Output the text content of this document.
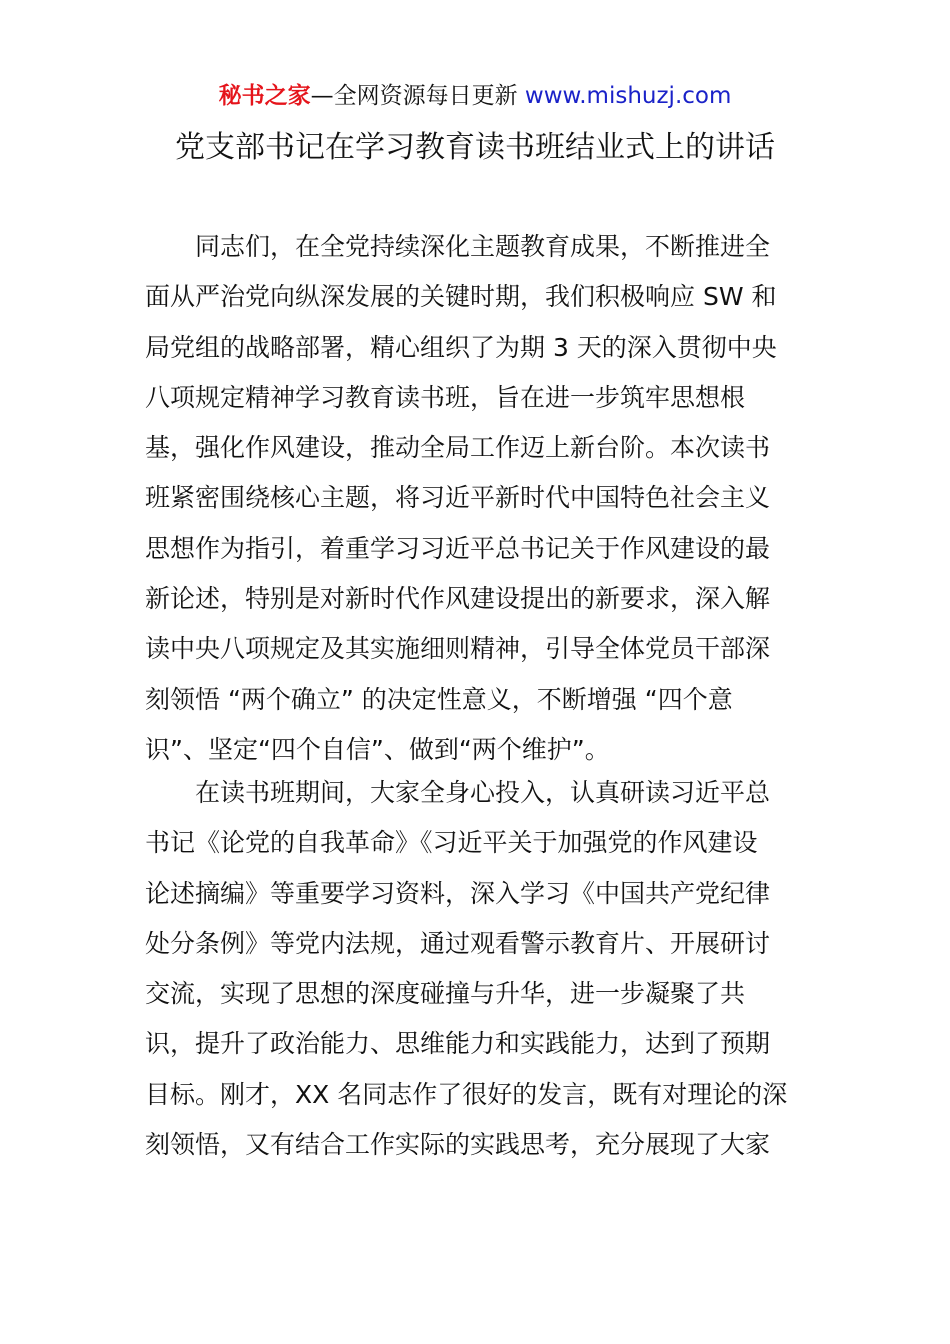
秘书之家—全网资源每日更新 www.mishuzj.com
党支部书记在学习教育读书班结业式上的讲话
同志们，在全党持续深化主题教育成果，不断推进全
面从严治党向纵深发展的关键时期，我们积极响应 SW 和
局党组的战略部署，精心组织了为期 3 天的深入贯彻中央
八项规定精神学习教育读书班，旨在进一步筑牢思想根
基，强化作风建设，推动全局工作迈上新台阶。本次读书
班紧密围绕核心主题，将习近平新时代中国特色社会主义
思想作为指引，着重学习习近平总书记关于作风建设的最
新论述，特别是对新时代作风建设提出的新要求，深入解
读中央八项规定及其实施细则精神，引导全体党员干部深
刻领悟 “两个确立” 的决定性意义，不断增强 “四个意
识”、坚定“四个自信”、做到“两个维护”。
在读书班期间，大家全身心投入，认真研读习近平总
书记《论党的自我革命》《习近平关于加强党的作风建设
论述摘编》等重要学习资料，深入学习《中国共产党纪律
处分条例》等党内法规，通过观看警示教育片、开展研讨
交流，实现了思想的深度碰撞与升华，进一步凝聚了共
识，提升了政治能力、思维能力和实践能力，达到了预期
目标。刚才，XX 名同志作了很好的发言，既有对理论的深
刻领悟，又有结合工作实际的实践思考，充分展现了大家
